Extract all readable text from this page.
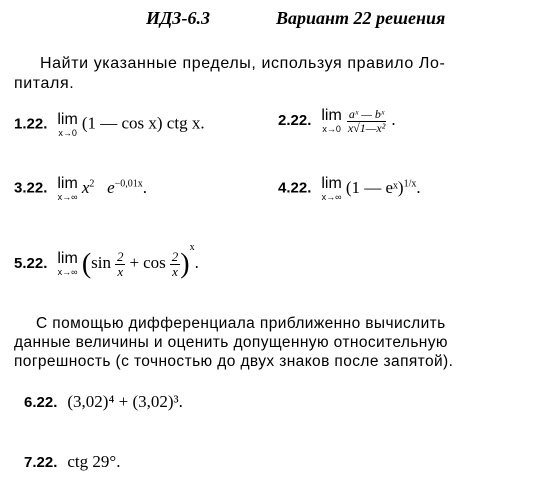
ИДЗ-6.3	Вариант 22 решения
Найти указанные пределы, используя правило Ло-
питаля.
1.22. lim
x→0
(1 — cos x) ctg x.	2.22. lim
x→0
$\frac{\text{aˣ — bˣ}}{\text{x√1—x²}}$ .
3.22. lim
x→∞
$x^2$ $e^{-0,01x}$.	4.22. lim
x→∞
(1 — eˣ)$^{1/x}$.
5.22. lim
x→∞ $(\sin \frac{2}{x} + \cos \frac{2}{x} )^x$.
С помощью дифференциала приближенно вычислить
данные величины и оценить допущенную относительную
погрешность (с точностью до двух знаков после запятой).
6.22. (3,02)⁴ + (3,02)³.
7.22. ctg 29°.
